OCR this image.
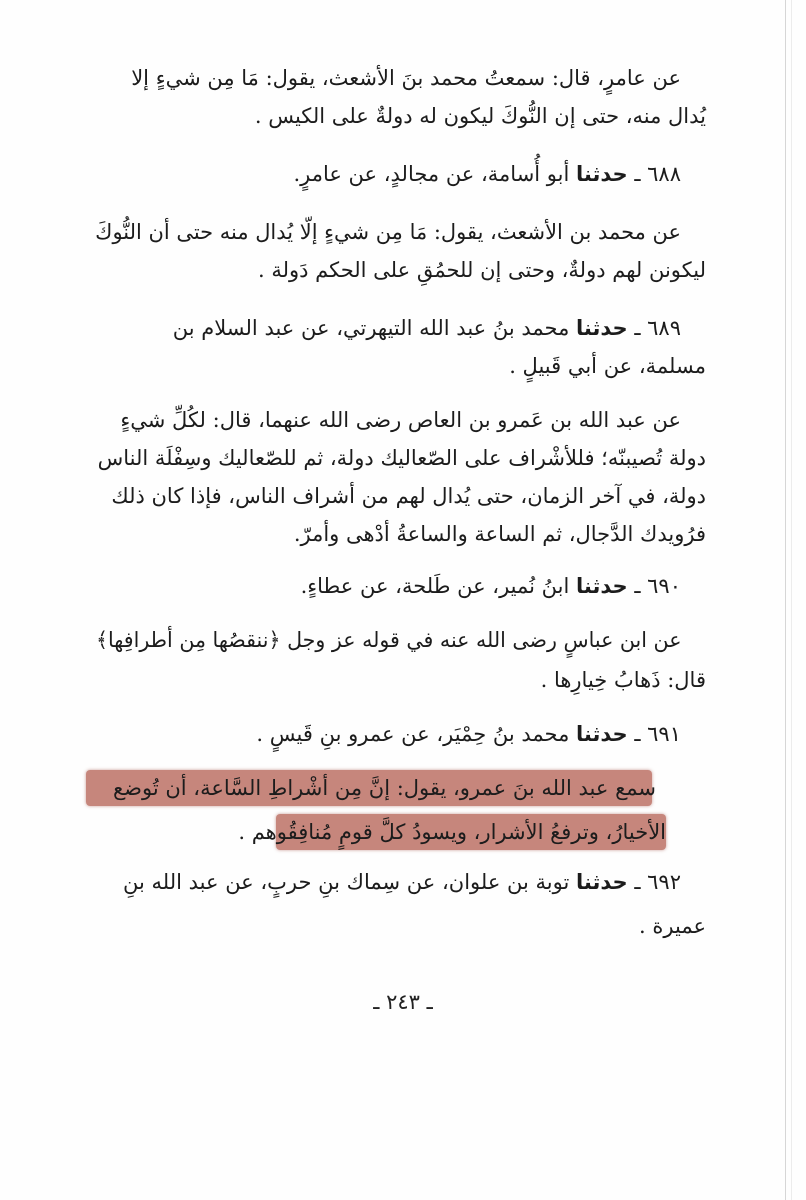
عن عامرٍ، قال: سمعتُ محمد بنَ الأشعث، يقول: مَا مِن شيءٍ إلا
يُدال منه، حتى إن النُّوكَ ليكون له دولةٌ على الكيس .
٦٨٨ ـ حدثنا أبو أُسامة، عن مجالدٍ، عن عامرٍ.
عن محمد بن الأشعث، يقول: مَا مِن شيءٍ إلّا يُدال منه حتى أن النُّوكَ
ليكونن لهم دولةٌ، وحتى إن للحمُقِ على الحكم دَولة .
٦٨٩ ـ حدثنا محمد بنُ عبد الله التيهرتي، عن عبد السلام بن
مسلمة، عن أبي قَبيلٍ .
عن عبد الله بن عَمرو بن العاص رضى الله عنهما، قال: لكُلِّ شيءٍ
دولة تُصيبنّه؛ فللأشْراف على الصّعاليك دولة، ثم للصّعاليك وسِفْلَة الناس
دولة، في آخر الزمان، حتى يُدال لهم من أشراف الناس، فإذا كان ذلك
فرُويدك الدَّجال، ثم الساعة والساعةُ أدْهى وأمرّ.
٦٩٠ ـ حدثنا ابنُ نُمير، عن طَلحة، عن عطاءٍ.
عن ابن عباسٍ رضى الله عنه في قوله عز وجل ﴿ننقصُها مِن أطرافِها﴾
قال: ذَهابُ خِيارِها .
٦٩١ ـ حدثنا محمد بنُ حِمْيَر، عن عمرو بنِ قَيسٍ .
سمع عبد الله بنَ عمرو، يقول: إنَّ مِن أشْراطِ السَّاعة، أن تُوضع
الأخيارُ، وترفعُ الأشرار، ويسودُ كلَّ قومٍ مُنافِقُوهم .
٦٩٢ ـ حدثنا توبة بن علوان، عن سِماك بنِ حربٍ، عن عبد الله بنِ
عميرة .
ـ ٢٤٣ ـ
